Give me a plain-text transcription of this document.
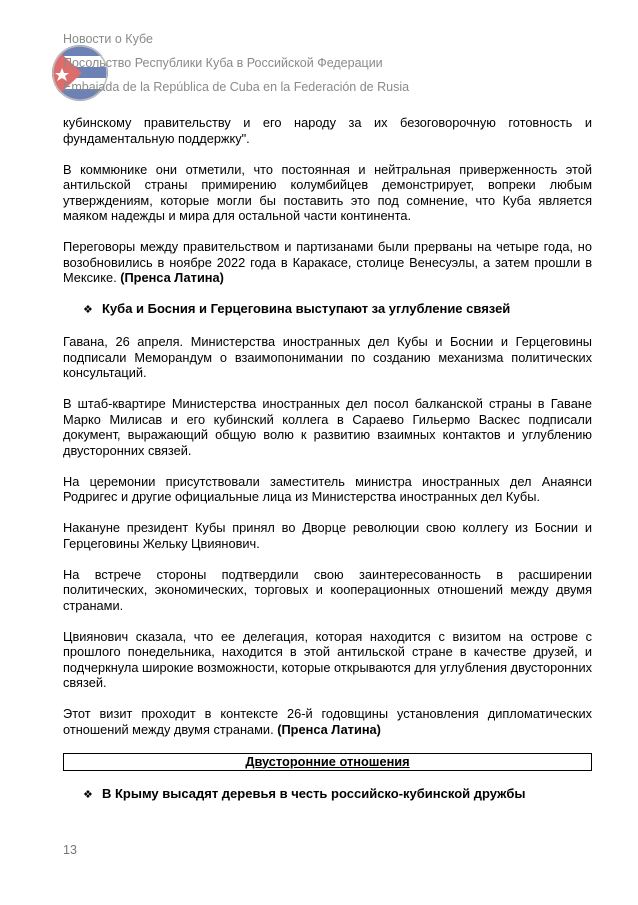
Новости о Кубе
Посольство Республики Куба в Российской Федерации
Embajada de la República de Cuba en la Federación de Rusia

кубинскому правительству и его народу за их безоговорочную готовность и фундаментальную поддержку".

В коммюнике они отметили, что постоянная и нейтральная приверженность этой антильской страны примирению колумбийцев демонстрирует, вопреки любым утверждениям, которые могли бы поставить это под сомнение, что Куба является маяком надежды и мира для остальной части континента.

Переговоры между правительством и партизанами были прерваны на четыре года, но возобновились в ноябре 2022 года в Каракасе, столице Венесуэлы, а затем прошли в Мексике. (Пренса Латина)

❖ Куба и Босния и Герцеговина выступают за углубление связей

Гавана, 26 апреля. Министерства иностранных дел Кубы и Боснии и Герцеговины подписали Меморандум о взаимопонимании по созданию механизма политических консультаций.

В штаб-квартире Министерства иностранных дел посол балканской страны в Гаване Марко Милисав и его кубинский коллега в Сараево Гильермо Васкес подписали документ, выражающий общую волю к развитию взаимных контактов и углублению двусторонних связей.

На церемонии присутствовали заместитель министра иностранных дел Анаянси Родригес и другие официальные лица из Министерства иностранных дел Кубы.

Накануне президент Кубы принял во Дворце революции свою коллегу из Боснии и Герцеговины Жельку Цвиянович.

На встрече стороны подтвердили свою заинтересованность в расширении политических, экономических, торговых и кооперационных отношений между двумя странами.

Цвиянович сказала, что ее делегация, которая находится с визитом на острове с прошлого понедельника, находится в этой антильской стране в качестве друзей, и подчеркнула широкие возможности, которые открываются для углубления двусторонних связей.

Этот визит проходит в контексте 26-й годовщины установления дипломатических отношений между двумя странами. (Пренса Латина)

Двусторонние отношения
❖ В Крыму высадят деревья в честь российско-кубинской дружбы
13
